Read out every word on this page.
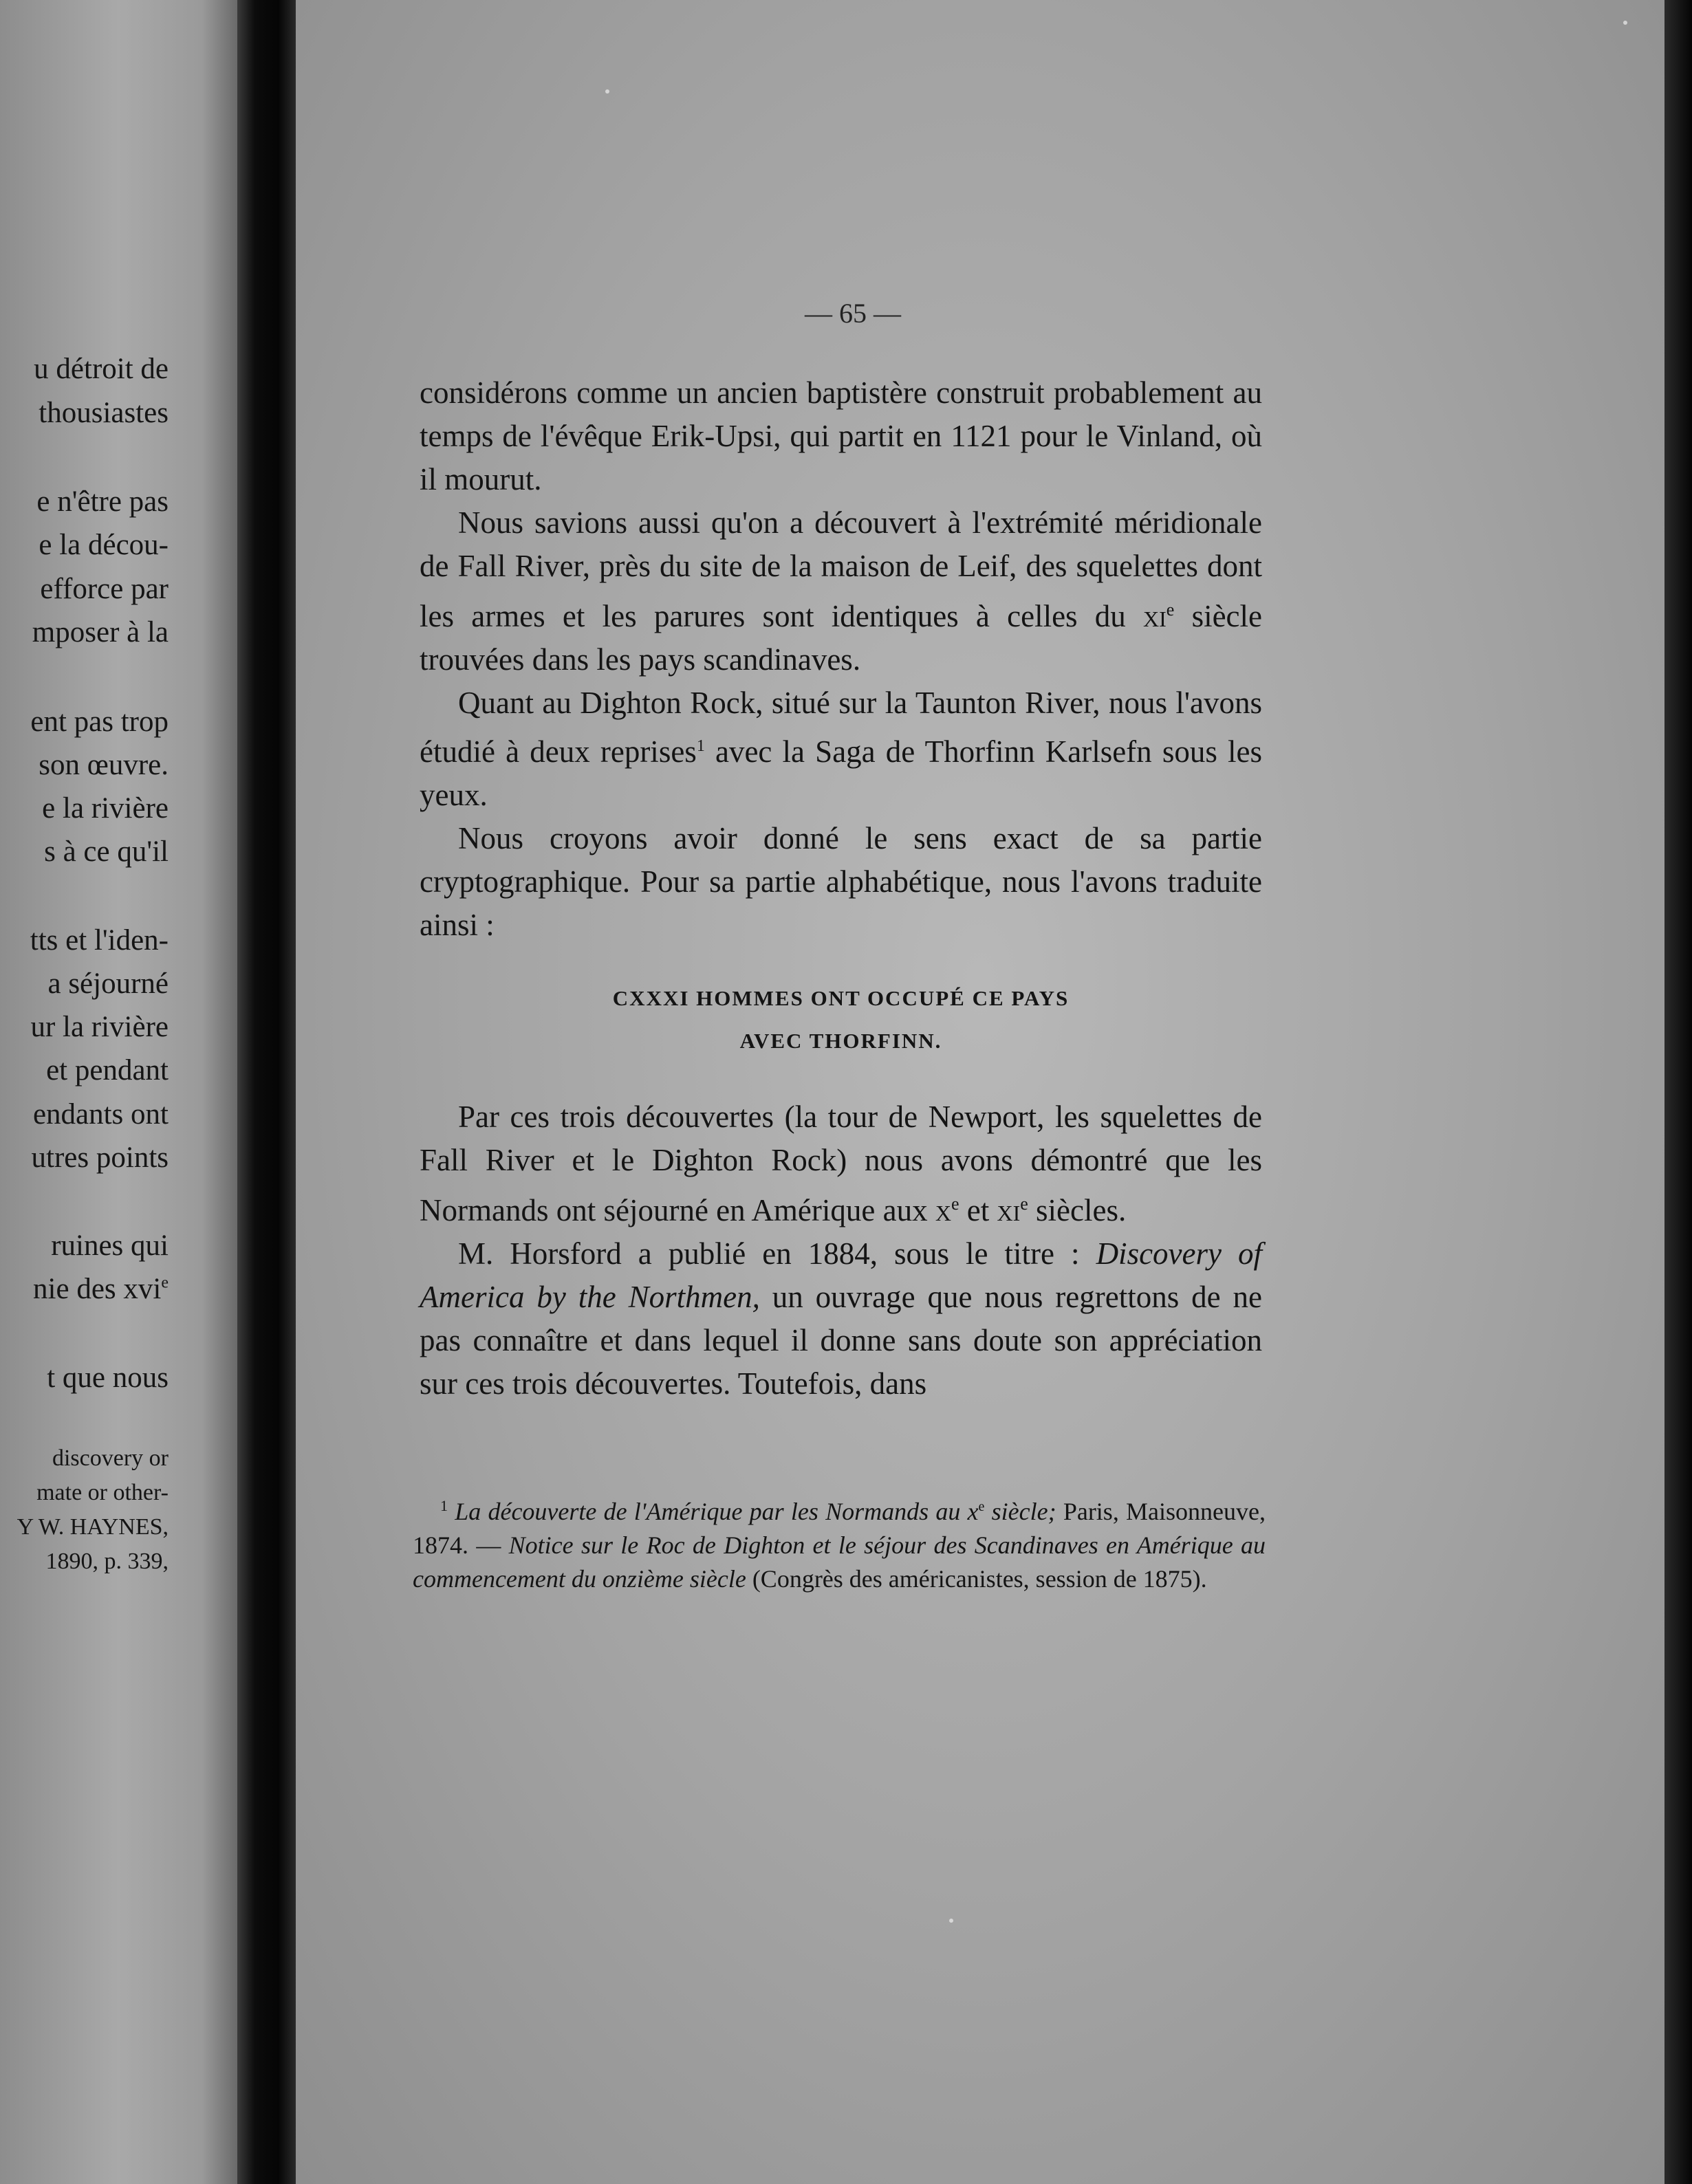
u détroit de
thousiastes
e n'être pas
e la décou-
efforce par
mposer à la
ent pas trop
son œuvre.
e la rivière
s à ce qu'il
tts et l'iden-
a séjourné
ur la rivière
et pendant
endants ont
utres points
ruines qui
nie des xvi$^e$
t que nous
discovery or
mate or other-
Y W. HAYNES,
1890, p. 339,
— 65 —

considérons comme un ancien baptistère construit probablement au temps de l'évêque Erik-Upsi, qui partit en 1121 pour le Vinland, où il mourut.

Nous savions aussi qu'on a découvert à l'extrémité méridionale de Fall River, près du site de la maison de Leif, des squelettes dont les armes et les parures sont identiques à celles du $xi^e$ siècle trouvées dans les pays scandinaves.

Quant au Dighton Rock, situé sur la Taunton River, nous l'avons étudié à deux reprises$^1$ avec la Saga de Thorfinn Karlsefn sous les yeux.

Nous croyons avoir donné le sens exact de sa partie cryptographique. Pour sa partie alphabétique, nous l'avons traduite ainsi :

CXXXI HOMMES ONT OCCUPÉ CE PAYS
AVEC THORFINN.

Par ces trois découvertes (la tour de Newport, les squelettes de Fall River et le Dighton Rock) nous avons démontré que les Normands ont séjourné en Amérique aux $x^e$ et $xi^e$ siècles.

M. Horsford a publié en 1884, sous le titre : Discovery of America by the Northmen, un ouvrage que nous regrettons de ne pas connaître et dans lequel il donne sans doute son appréciation sur ces trois découvertes. Toutefois, dans

$^1$ La découverte de l'Amérique par les Normands au $x^e$ siècle; Paris, Maisonneuve, 1874. — Notice sur le Roc de Dighton et le séjour des Scandinaves en Amérique au commencement du onzième siècle (Congrès des américanistes, session de 1875).
